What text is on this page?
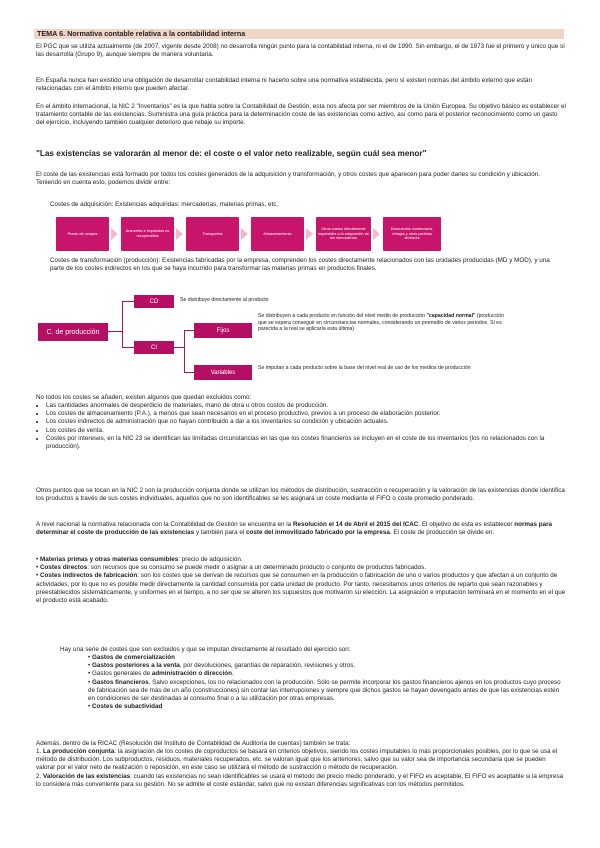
TEMA 6. Normativa contable relativa a la contabilidad interna

El PGC que se utiliza actualmente (de 2007, vigente desde 2008) no desarrolla ningún punto para la contabilidad interna, ni el de 1990. Sin embargo, el de 1973 fue el primero y único que sí las desarrolla (Grupo 9), aunque siempre de manera voluntaria.

En España nunca han existido una obligación de desarrollar contabilidad interna ni hacerlo sobre una normativa establecida, pero sí existen normas del ámbito externo que están relacionadas con el ámbito interno que pueden afectar.

En el ámbito internacional, la NIC 2 "Inventarios" es la que habla sobre la Contabilidad de Gestión, esta nos afecta por ser miembros de la Unión Europea. Su objetivo básico es establecer el tratamiento contable de las existencias. Suministra una guía práctica para la determinación coste de las existencias como activo, así como para el posterior reconocimiento como un gasto del ejercicio, incluyendo también cualquier deterioro que rebaje su importe.

"Las existencias se valorarán al menor de: el coste o el valor neto realizable, según cuál sea menor"

El coste de las existencias está formado por todos los costes generados de la adquisición y transformación, y otros costes que aparecen para poder darles su condición y ubicación. Teniendo en cuenta esto, podemos dividir entre:

Costes de adquisición: Existencias adquiridas: mercaderías, materias primas, etc.

Precio de compra
Aranceles e impuestos no recuperables
Transportes	Almacenamiento
Otros costes directamente imputables a la adquisición de las mercaderías
Descuentos comerciales, rebajas y otras partidas similares

Costes de transformación (producción): Existencias fabricadas por la empresa, comprenden los costes directamente relacionados con las unidades producidas (MD y MOD), y una parte de los costes indirectos en los que se haya incurrido para transformar las materias primas en productos finales.

C. de producción
CD
CI
Se distribuye directamente al producto
Fijos
Variables
Se distribuyen a cada producto en función del nivel medio de producción "capacidad normal" (producción que se espera conseguir en circunstancias normales, considerando un promedio de varios periodos. Si es parecida a la real se aplicaría esta última)
Se imputan a cada producto sobre la base del nivel real de uso de los medios de producción

No todos los costes se añaden, existen algunos que quedan excluidos como:

• Las cantidades anormales de desperdicio de materiales, mano de obra u otros costos de producción.
• Los costes de almacenamiento (P.A.), a menos que sean necesarios en el proceso productivo, previos a un proceso de elaboración posterior.
• Los costes indirectos de administración que no hayan contribuido a dar a los inventarios su condición y ubicación actuales.
• Los costes de venta.
• Costes por intereses, en la NIC 23 se identifican las limitadas circunstancias en las que los costes financieros se incluyen en el coste de los inventarios (los no relacionados con la producción).

Otros puntos que se tocan en la NIC 2 son la producción conjunta donde se utilizan los métodos de distribución, sustracción o recuperación y la valoración de las existencias donde identifica los productos a través de sus costes individuales, aquellos que no son identificables se les asignará un coste mediante el FIFO o coste promedio ponderado.

A nivel nacional la normativa relacionada con la Contabilidad de Gestión se encuentra en la Resolución el 14 de Abril el 2015 del ICAC. El objetivo de esta es establecer normas para determinar el coste de producción de las existencias y también para el coste del inmovilizado fabricado por la empresa. El coste de producción se divide en:

• Materias primas y otras materias consumibles: precio de adquisición.
• Costes directos: son recursos que su consumo se puede medir o asignar a un determinado producto o conjunto de productos fabricados.
• Costes indirectos de fabricación: son los costes que se derivan de recursos que se consumen en la producción o fabricación de uno o varios productos y que afectan a un conjunto de actividades, por lo que no es posible medir directamente la cantidad consumida por cada unidad de producto. Por tanto, necesitamos unos criterios de reparto que sean razonables y preestablecidos sistemáticamente, y uniformes en el tiempo, a no ser que se alteren los supuestos que motivaron su elección. La asignación e imputación terminará en el momento en el que el producto está acabado.

Hay una serie de costes que son excluidos y que se imputan directamente al resultado del ejercicio son:

• Gastos de comercialización
• Gastos posteriores a la venta, por devoluciones, garantías de reparación, revisiones y otros.
• Gastos generales de administración o dirección.
• Gastos financieros. Salvo excepciones, los no relacionados con la producción. Sólo se permite incorporar los gastos financieros ajenos en los productos cuyo proceso de fabricación sea de más de un año (construcciones) sin contar las interrupciones y siempre que dichos gastos se hayan devengado antes de que las existencias estén en condiciones de ser destinadas al consumo final o a su utilización por otras empresas.
• Costes de subactividad

Además, dentro de la RICAC (Resolución del Instituto de Contabilidad de Auditoría de cuentas) también se trata:

1. La producción conjunta: la asignación de los costes de coproductos se basará en criterios objetivos, siendo los costes imputables lo más proporcionales posibles, por lo que se usa el método de distribución. Los subproductos, residuos, materiales recuperados, etc. se valoran igual que los anteriores, salvo que su valor sea de importancia secundaria que se pueden valorar por el valor neto de realización o reposición, en este caso se utilizará el método de sustracción o método de recuperación.
2. Valoración de las existencias: cuando las existencias no sean identificables se usará el método del precio medio ponderado, y el FIFO es aceptable. El FIFO es aceptable si la empresa lo considera más conveniente para su gestión. No se admite el coste estándar, salvo que no existan diferencias significativas con los métodos permitidos.
